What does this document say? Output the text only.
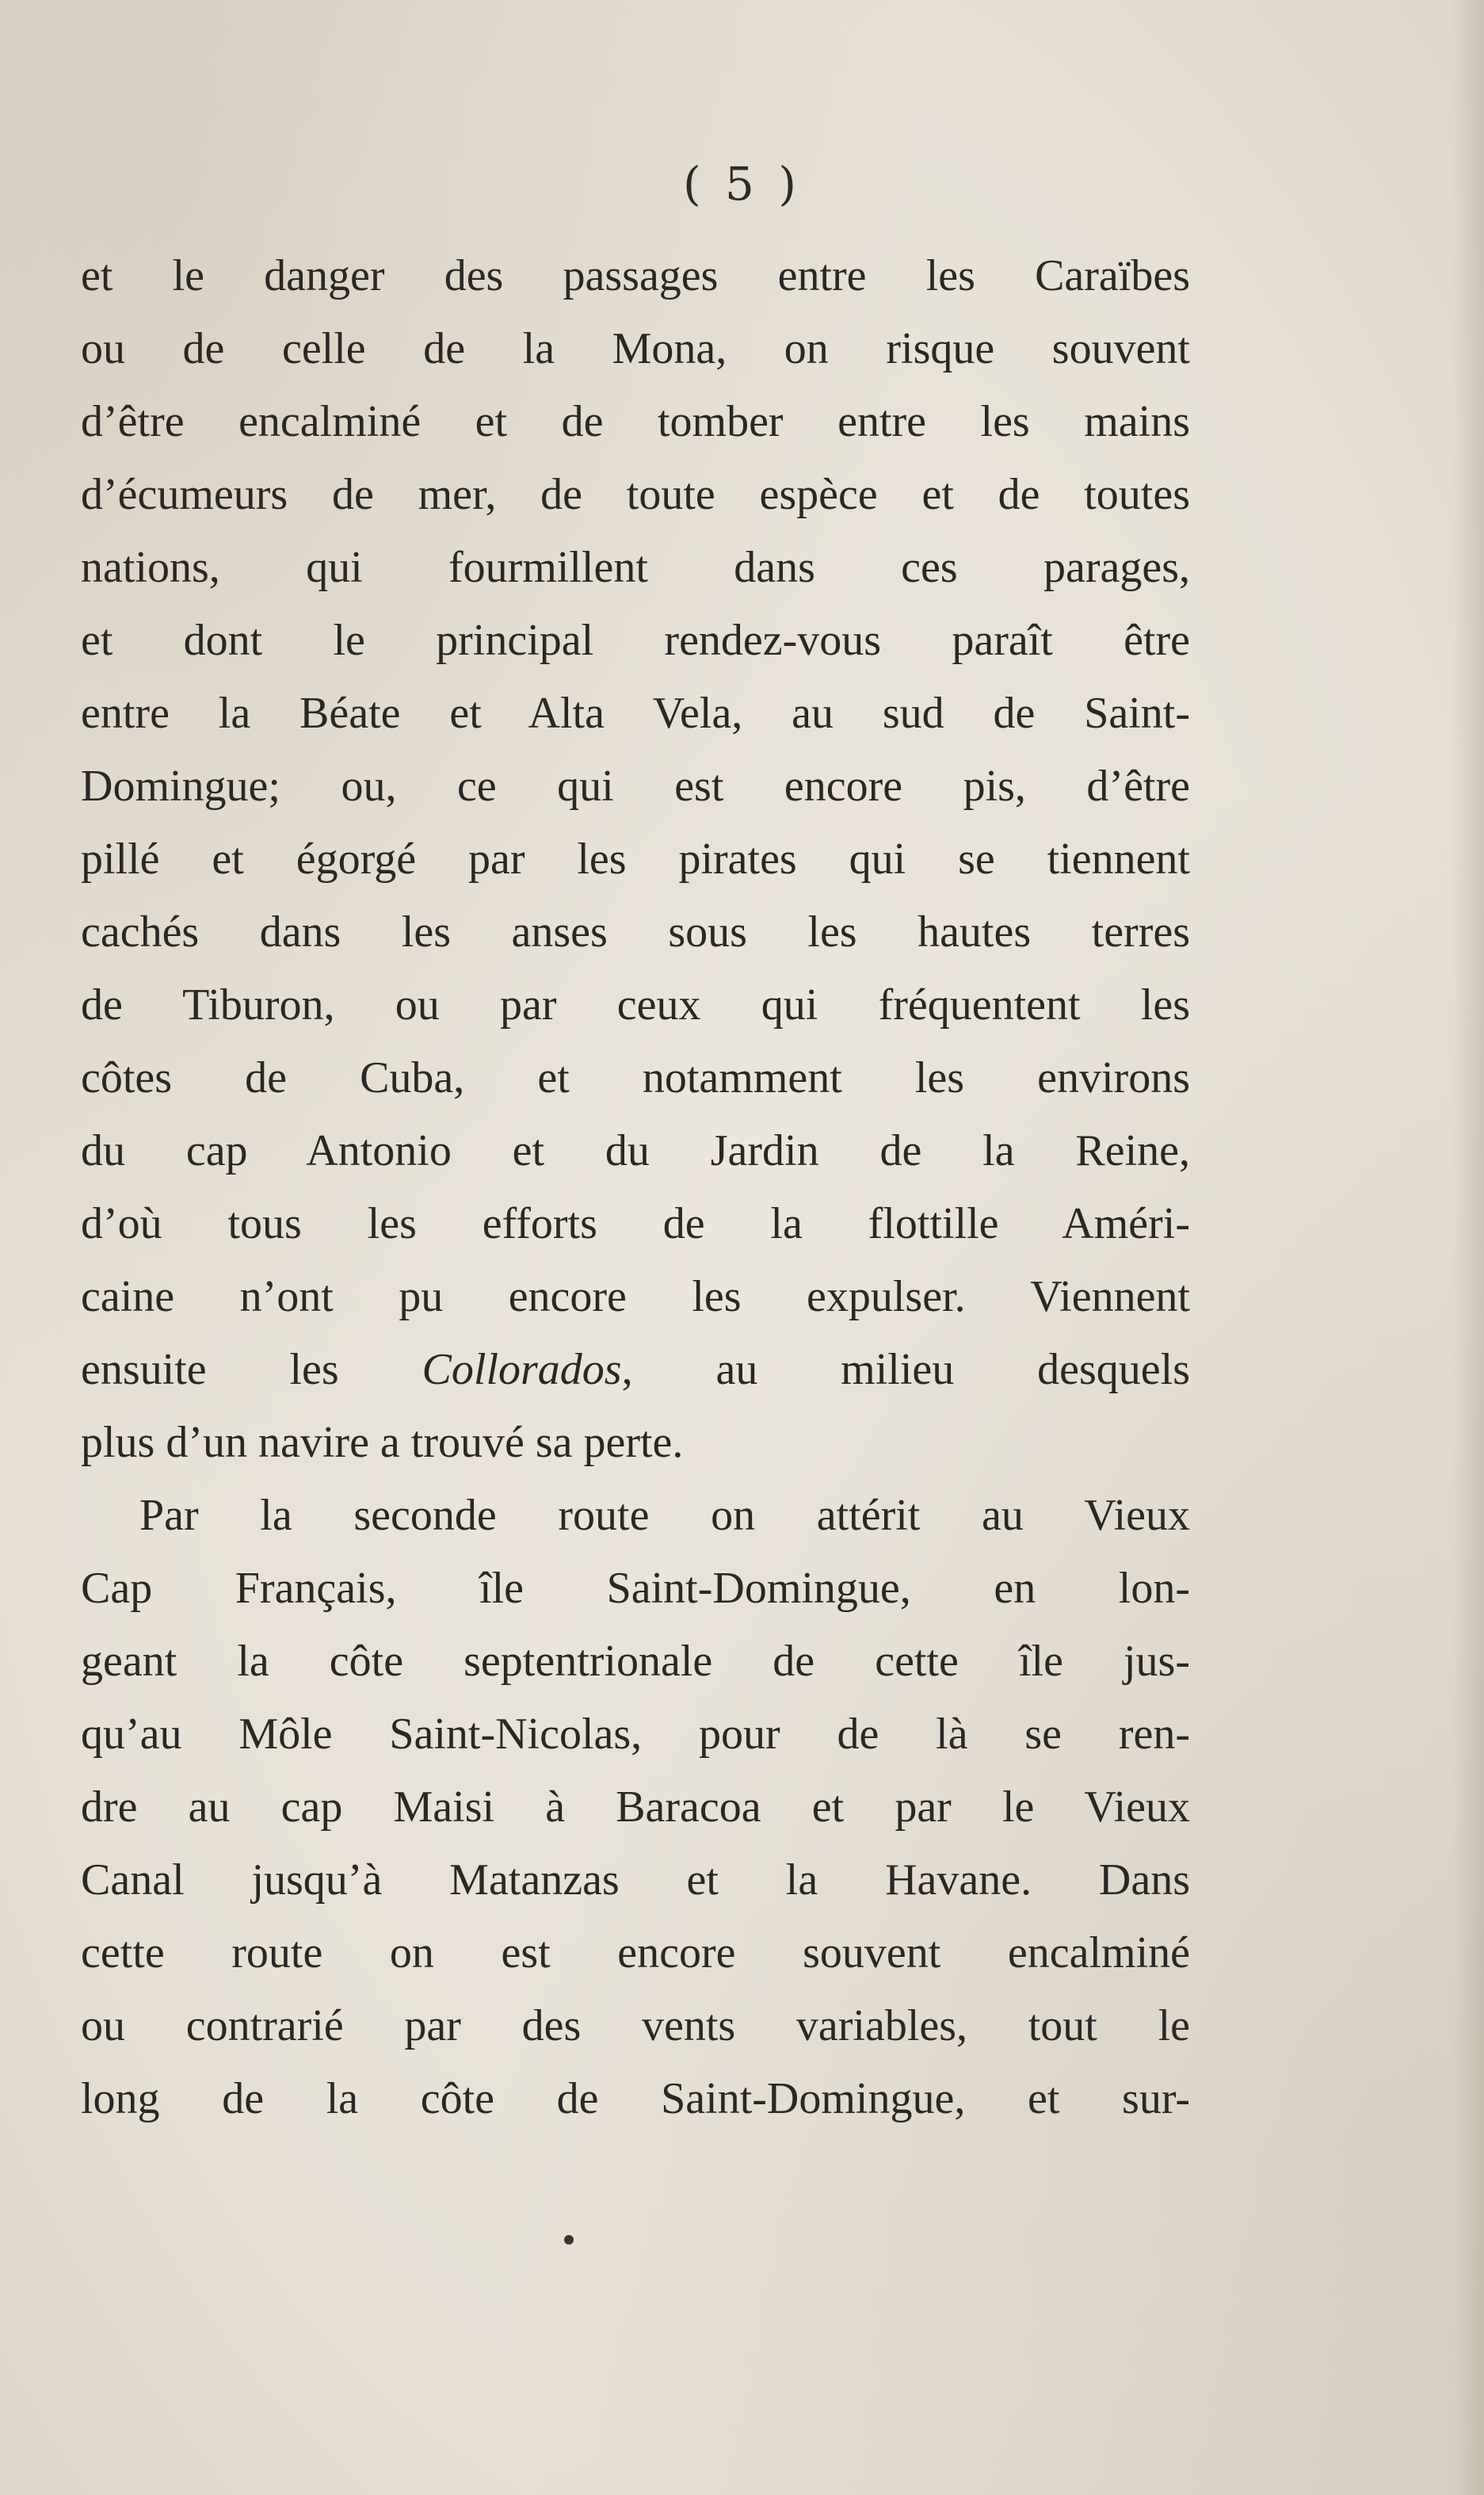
( 5 )
et le danger des passages entre les Caraïbes
ou de celle de la Mona, on risque souvent
d’être encalminé et de tomber entre les mains
d’écumeurs de mer, de toute espèce et de toutes
nations, qui fourmillent dans ces parages,
et dont le principal rendez-vous paraît être
entre la Béate et Alta Vela, au sud de Saint-
Domingue; ou, ce qui est encore pis, d’être
pillé et égorgé par les pirates qui se tiennent
cachés dans les anses sous les hautes terres
de Tiburon, ou par ceux qui fréquentent les
côtes de Cuba, et notamment les environs
du cap Antonio et du Jardin de la Reine,
d’où tous les efforts de la flottille Améri-
caine n’ont pu encore les expulser. Viennent
ensuite les Collorados, au milieu desquels
plus d’un navire a trouvé sa perte.
Par la seconde route on attérit au Vieux
Cap Français, île Saint-Domingue, en lon-
geant la côte septentrionale de cette île jus-
qu’au Môle Saint-Nicolas, pour de là se ren-
dre au cap Maisi à Baracoa et par le Vieux
Canal jusqu’à Matanzas et la Havane. Dans
cette route on est encore souvent encalminé
ou contrarié par des vents variables, tout le
long de la côte de Saint-Domingue, et sur-
